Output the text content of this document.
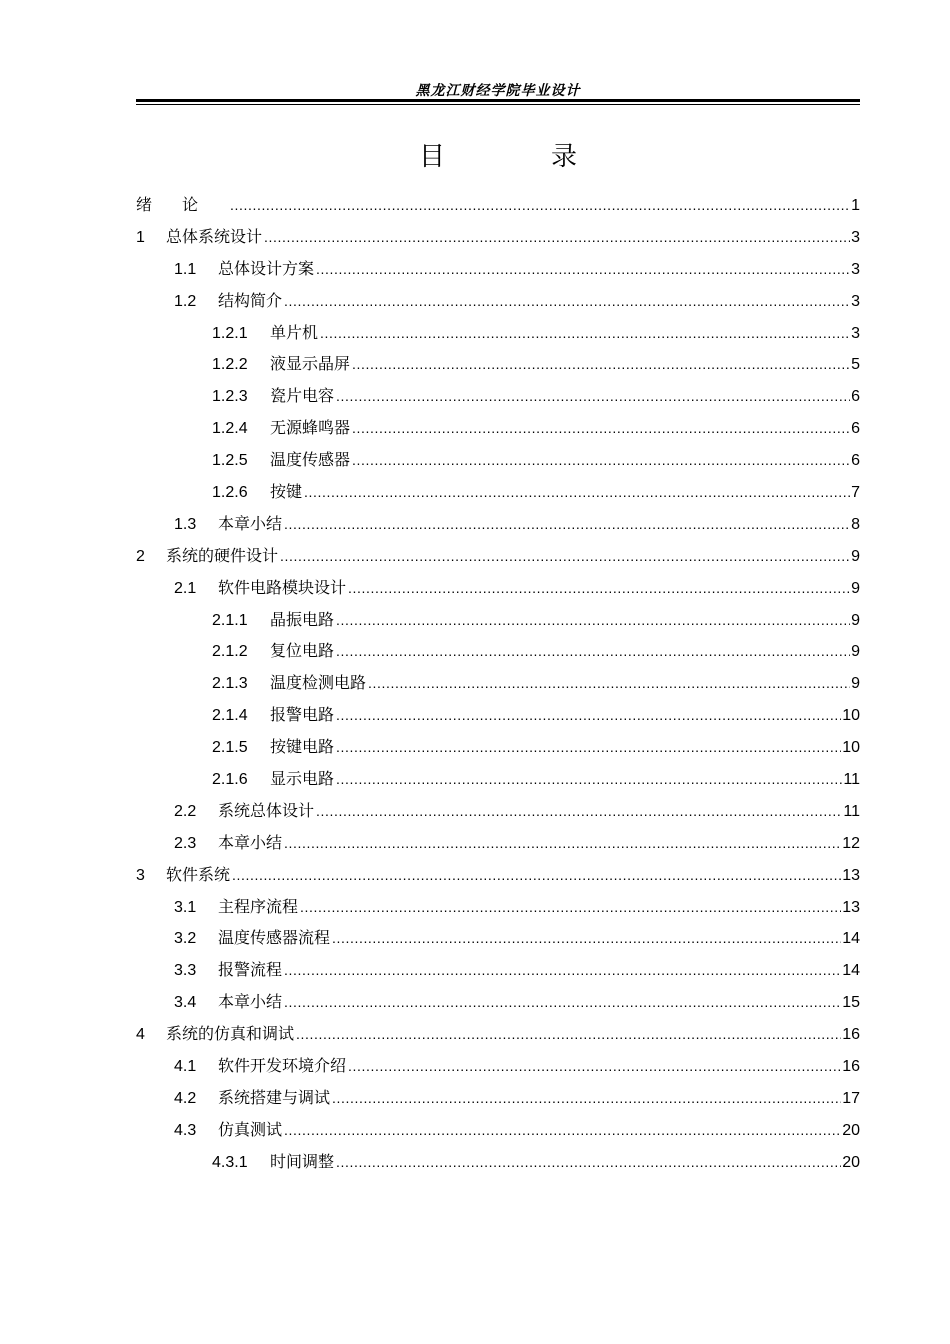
黑龙江财经学院毕业设计
目　录
绪论 .....	1
1	总体系统设计 .....	3
1.1	总体设计方案 .....	3
1.2	结构简介 .....	3
1.2.1	单片机 .....	3
1.2.2	液显示晶屏 .....	5
1.2.3	瓷片电容 .....	6
1.2.4	无源蜂鸣器 .....	6
1.2.5	温度传感器 .....	6
1.2.6	按键 .....	7
1.3	本章小结 .....	8
2	系统的硬件设计 .....	9
2.1	软件电路模块设计 .....	9
2.1.1	晶振电路 .....	9
2.1.2	复位电路 .....	9
2.1.3	温度检测电路 .....	9
2.1.4	报警电路 .....	10
2.1.5	按键电路 .....	10
2.1.6	显示电路 .....	11
2.2	系统总体设计 .....	11
2.3	本章小结 .....	12
3	软件系统 .....	13
3.1	主程序流程 .....	13
3.2	温度传感器流程 .....	14
3.3	报警流程 .....	14
3.4	本章小结 .....	15
4	系统的仿真和调试 .....	16
4.1	软件开发环境介绍 .....	16
4.2	系统搭建与调试 .....	17
4.3	仿真测试 .....	20
4.3.1	时间调整 .....	20
